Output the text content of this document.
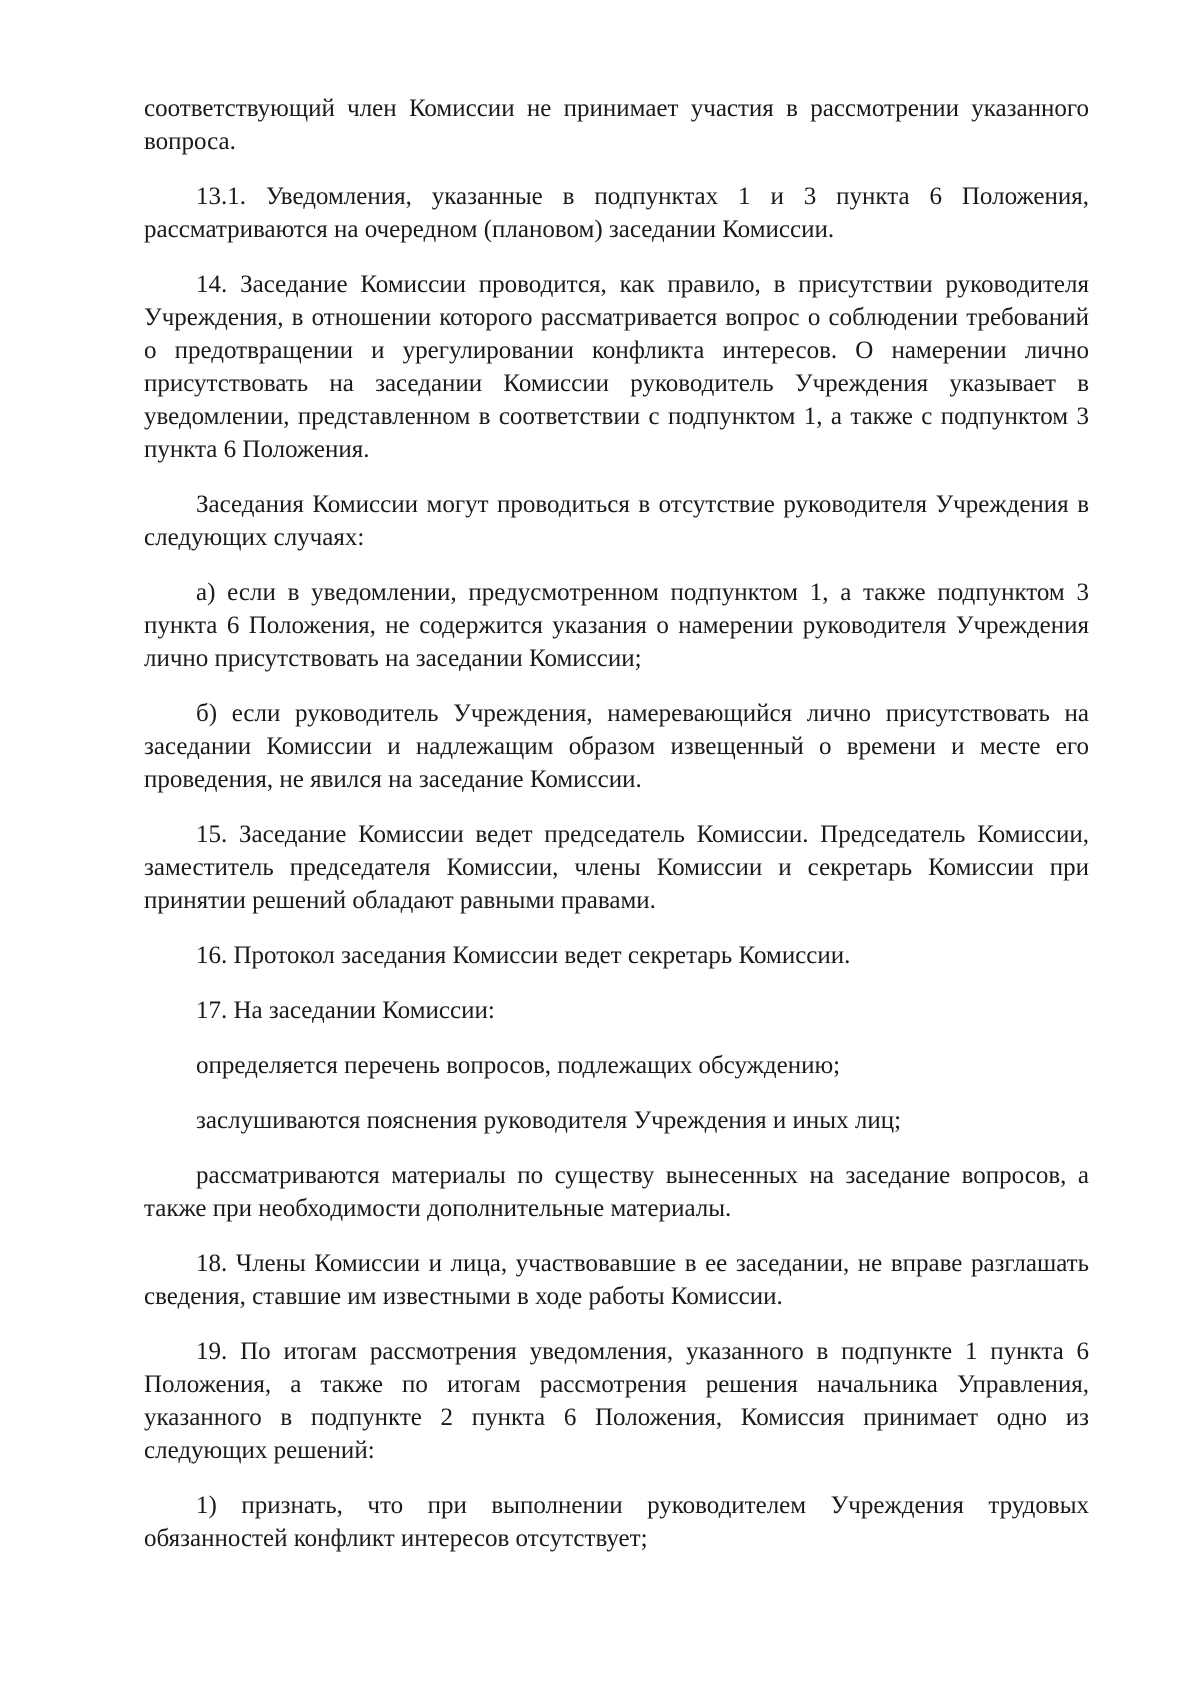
соответствующий член Комиссии не принимает участия в рассмотрении указанного вопроса.

13.1. Уведомления, указанные в подпунктах 1 и 3 пункта 6 Положения, рассматриваются на очередном (плановом) заседании Комиссии.

14. Заседание Комиссии проводится, как правило, в присутствии руководителя Учреждения, в отношении которого рассматривается вопрос о соблюдении требований о предотвращении и урегулировании конфликта интересов. О намерении лично присутствовать на заседании Комиссии руководитель Учреждения указывает в уведомлении, представленном в соответствии с подпунктом 1, а также с подпунктом 3 пункта 6 Положения.

Заседания Комиссии могут проводиться в отсутствие руководителя Учреждения в следующих случаях:

а) если в уведомлении, предусмотренном подпунктом 1, а также подпунктом 3 пункта 6 Положения, не содержится указания о намерении руководителя Учреждения лично присутствовать на заседании Комиссии;

б) если руководитель Учреждения, намеревающийся лично присутствовать на заседании Комиссии и надлежащим образом извещенный о времени и месте его проведения, не явился на заседание Комиссии.

15. Заседание Комиссии ведет председатель Комиссии. Председатель Комиссии, заместитель председателя Комиссии, члены Комиссии и секретарь Комиссии при принятии решений обладают равными правами.

16. Протокол заседания Комиссии ведет секретарь Комиссии.

17. На заседании Комиссии:

определяется перечень вопросов, подлежащих обсуждению;

заслушиваются пояснения руководителя Учреждения и иных лиц;

рассматриваются материалы по существу вынесенных на заседание вопросов, а также при необходимости дополнительные материалы.

18. Члены Комиссии и лица, участвовавшие в ее заседании, не вправе разглашать сведения, ставшие им известными в ходе работы Комиссии.

19. По итогам рассмотрения уведомления, указанного в подпункте 1 пункта 6 Положения, а также по итогам рассмотрения решения начальника Управления, указанного в подпункте 2 пункта 6 Положения, Комиссия принимает одно из следующих решений:

1) признать, что при выполнении руководителем Учреждения трудовых обязанностей конфликт интересов отсутствует;
